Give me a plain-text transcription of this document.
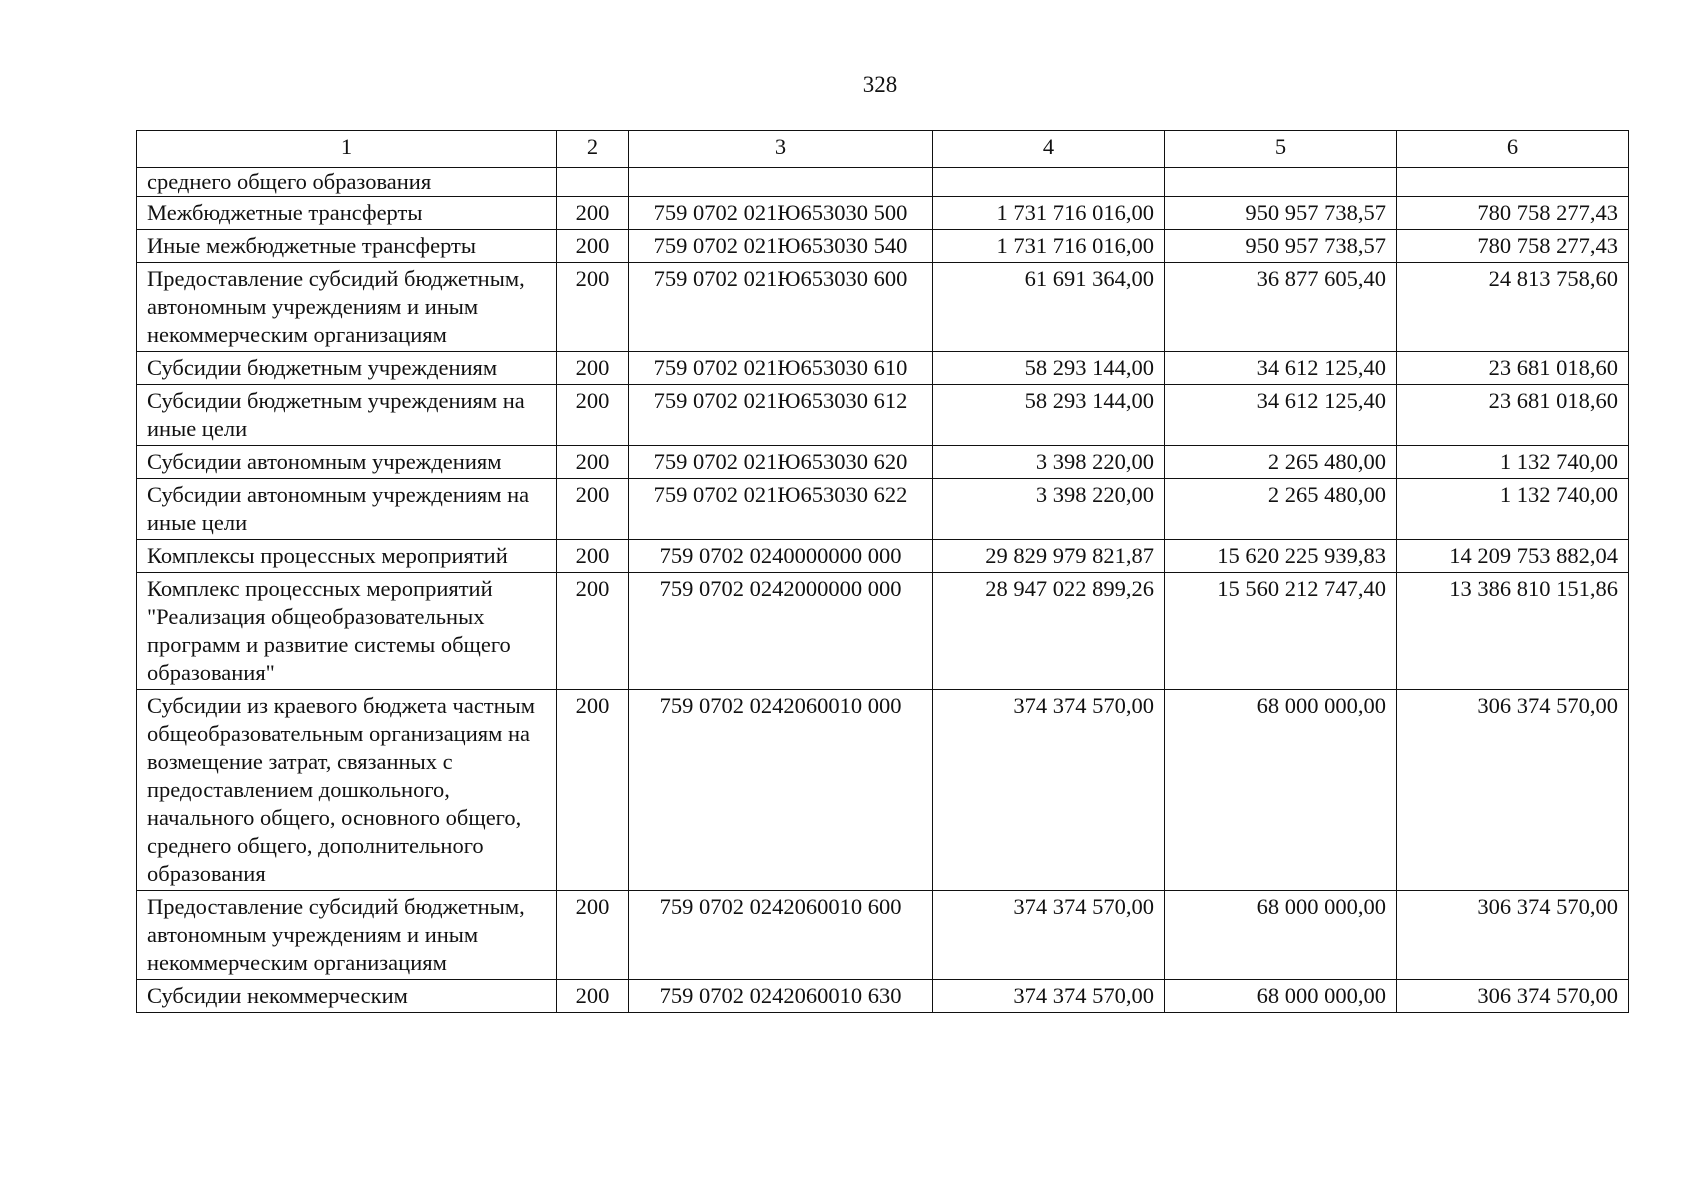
328
1	2	3	4	5	6
среднего общего образования					
Межбюджетные трансферты	200	759 0702 021Ю653030 500	1 731 716 016,00	950 957 738,57	780 758 277,43
Иные межбюджетные трансферты	200	759 0702 021Ю653030 540	1 731 716 016,00	950 957 738,57	780 758 277,43
Предоставление субсидий бюджетным, автономным учреждениям и иным некоммерческим организациям	200	759 0702 021Ю653030 600	61 691 364,00	36 877 605,40	24 813 758,60
Субсидии бюджетным учреждениям	200	759 0702 021Ю653030 610	58 293 144,00	34 612 125,40	23 681 018,60
Субсидии бюджетным учреждениям на иные цели	200	759 0702 021Ю653030 612	58 293 144,00	34 612 125,40	23 681 018,60
Субсидии автономным учреждениям	200	759 0702 021Ю653030 620	3 398 220,00	2 265 480,00	1 132 740,00
Субсидии автономным учреждениям на иные цели	200	759 0702 021Ю653030 622	3 398 220,00	2 265 480,00	1 132 740,00
Комплексы процессных мероприятий	200	759 0702 0240000000 000	29 829 979 821,87	15 620 225 939,83	14 209 753 882,04
Комплекс процессных мероприятий "Реализация общеобразовательных программ и развитие системы общего образования"	200	759 0702 0242000000 000	28 947 022 899,26	15 560 212 747,40	13 386 810 151,86
Субсидии из краевого бюджета частным общеобразовательным организациям на возмещение затрат, связанных с предоставлением дошкольного, начального общего, основного общего, среднего общего, дополнительного образования	200	759 0702 0242060010 000	374 374 570,00	68 000 000,00	306 374 570,00
Предоставление субсидий бюджетным, автономным учреждениям и иным некоммерческим организациям	200	759 0702 0242060010 600	374 374 570,00	68 000 000,00	306 374 570,00
Субсидии некоммерческим	200	759 0702 0242060010 630	374 374 570,00	68 000 000,00	306 374 570,00
